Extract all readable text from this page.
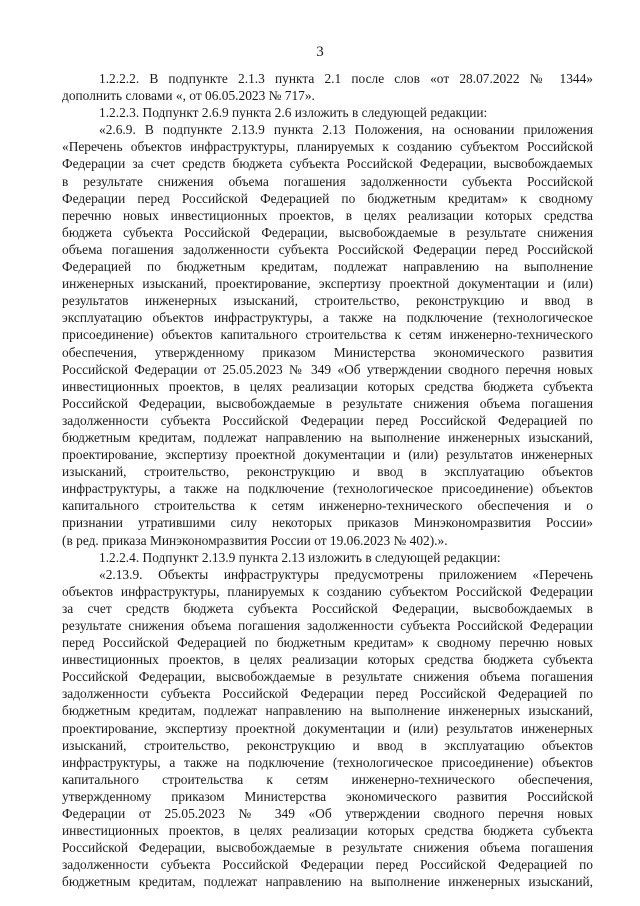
3
1.2.2.2. В подпункте 2.1.3 пункта 2.1 после слов «от 28.07.2022 № 1344»
дополнить словами «, от 06.05.2023 № 717».
1.2.2.3. Подпункт 2.6.9 пункта 2.6 изложить в следующей редакции:
«2.6.9. В подпункте 2.13.9 пункта 2.13 Положения, на основании приложения
«Перечень объектов инфраструктуры, планируемых к созданию субъектом Российской
Федерации за счет средств бюджета субъекта Российской Федерации, высвобождаемых
в результате снижения объема погашения задолженности субъекта Российской
Федерации перед Российской Федерацией по бюджетным кредитам» к сводному
перечню новых инвестиционных проектов, в целях реализации которых средства
бюджета субъекта Российской Федерации, высвобождаемые в результате снижения
объема погашения задолженности субъекта Российской Федерации перед Российской
Федерацией по бюджетным кредитам, подлежат направлению на выполнение
инженерных изысканий, проектирование, экспертизу проектной документации и (или)
результатов инженерных изысканий, строительство, реконструкцию и ввод в
эксплуатацию объектов инфраструктуры, а также на подключение (технологическое
присоединение) объектов капитального строительства к сетям инженерно-технического
обеспечения, утвержденному приказом Министерства экономического развития
Российской Федерации от 25.05.2023 № 349 «Об утверждении сводного перечня новых
инвестиционных проектов, в целях реализации которых средства бюджета субъекта
Российской Федерации, высвобождаемые в результате снижения объема погашения
задолженности субъекта Российской Федерации перед Российской Федерацией по
бюджетным кредитам, подлежат направлению на выполнение инженерных изысканий,
проектирование, экспертизу проектной документации и (или) результатов инженерных
изысканий, строительство, реконструкцию и ввод в эксплуатацию объектов
инфраструктуры, а также на подключение (технологическое присоединение) объектов
капитального строительства к сетям инженерно-технического обеспечения и о
признании утратившими силу некоторых приказов Минэкономразвития России»
(в ред. приказа Минэкономразвития России от 19.06.2023 № 402).».
1.2.2.4. Подпункт 2.13.9 пункта 2.13 изложить в следующей редакции:
«2.13.9. Объекты инфраструктуры предусмотрены приложением «Перечень
объектов инфраструктуры, планируемых к созданию субъектом Российской Федерации
за счет средств бюджета субъекта Российской Федерации, высвобождаемых в
результате снижения объема погашения задолженности субъекта Российской Федерации
перед Российской Федерацией по бюджетным кредитам» к сводному перечню новых
инвестиционных проектов, в целях реализации которых средства бюджета субъекта
Российской Федерации, высвобождаемые в результате снижения объема погашения
задолженности субъекта Российской Федерации перед Российской Федерацией по
бюджетным кредитам, подлежат направлению на выполнение инженерных изысканий,
проектирование, экспертизу проектной документации и (или) результатов инженерных
изысканий, строительство, реконструкцию и ввод в эксплуатацию объектов
инфраструктуры, а также на подключение (технологическое присоединение) объектов
капитального строительства к сетям инженерно-технического обеспечения,
утвержденному приказом Министерства экономического развития Российской
Федерации от 25.05.2023 № 349 «Об утверждении сводного перечня новых
инвестиционных проектов, в целях реализации которых средства бюджета субъекта
Российской Федерации, высвобождаемые в результате снижения объема погашения
задолженности субъекта Российской Федерации перед Российской Федерацией по
бюджетным кредитам, подлежат направлению на выполнение инженерных изысканий,
